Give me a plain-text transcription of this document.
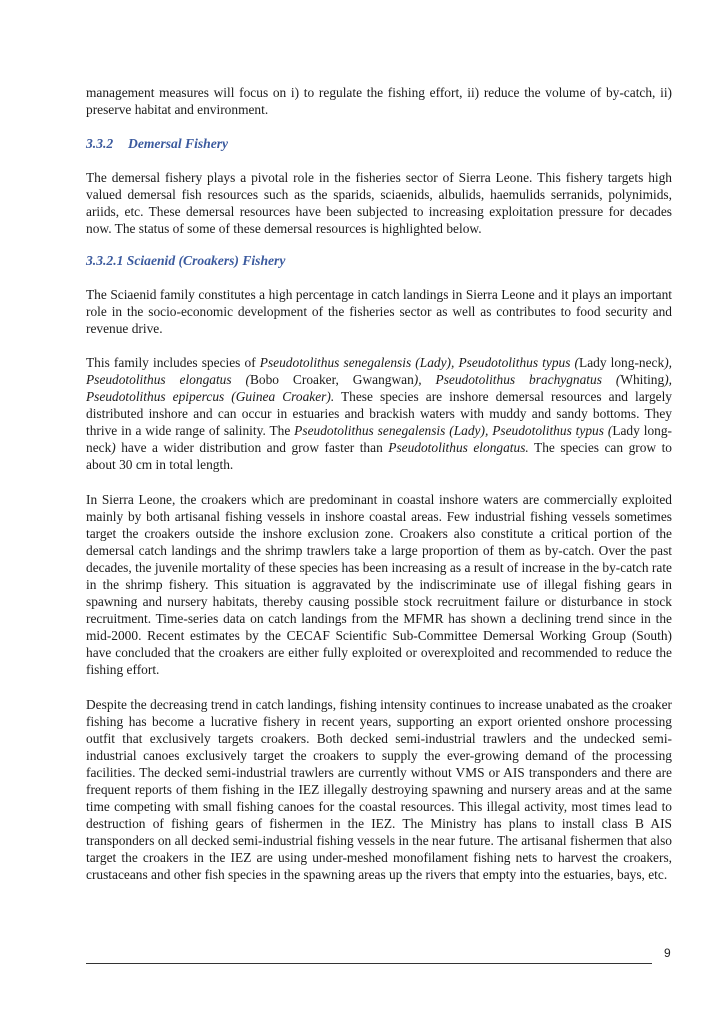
management measures will focus on i) to regulate the fishing effort, ii) reduce the volume of by-catch, ii) preserve habitat and environment.

3.3.2 Demersal Fishery

The demersal fishery plays a pivotal role in the fisheries sector of Sierra Leone. This fishery targets high valued demersal fish resources such as the sparids, sciaenids, albulids, haemulids serranids, polynimids, ariids, etc. These demersal resources have been subjected to increasing exploitation pressure for decades now. The status of some of these demersal resources is highlighted below.

3.3.2.1 Sciaenid (Croakers) Fishery

The Sciaenid family constitutes a high percentage in catch landings in Sierra Leone and it plays an important role in the socio-economic development of the fisheries sector as well as contributes to food security and revenue drive.

This family includes species of Pseudotolithus senegalensis (Lady), Pseudotolithus typus (Lady long-neck), Pseudotolithus elongatus (Bobo Croaker, Gwangwan), Pseudotolithus brachygnatus (Whiting), Pseudotolithus epipercus (Guinea Croaker). These species are inshore demersal resources and largely distributed inshore and can occur in estuaries and brackish waters with muddy and sandy bottoms. They thrive in a wide range of salinity. The Pseudotolithus senegalensis (Lady), Pseudotolithus typus (Lady long-neck) have a wider distribution and grow faster than Pseudotolithus elongatus. The species can grow to about 30 cm in total length.

In Sierra Leone, the croakers which are predominant in coastal inshore waters are commercially exploited mainly by both artisanal fishing vessels in inshore coastal areas. Few industrial fishing vessels sometimes target the croakers outside the inshore exclusion zone. Croakers also constitute a critical portion of the demersal catch landings and the shrimp trawlers take a large proportion of them as by-catch. Over the past decades, the juvenile mortality of these species has been increasing as a result of increase in the by-catch rate in the shrimp fishery. This situation is aggravated by the indiscriminate use of illegal fishing gears in spawning and nursery habitats, thereby causing possible stock recruitment failure or disturbance in stock recruitment. Time-series data on catch landings from the MFMR has shown a declining trend since in the mid-2000. Recent estimates by the CECAF Scientific Sub-Committee Demersal Working Group (South) have concluded that the croakers are either fully exploited or overexploited and recommended to reduce the fishing effort.

Despite the decreasing trend in catch landings, fishing intensity continues to increase unabated as the croaker fishing has become a lucrative fishery in recent years, supporting an export oriented onshore processing outfit that exclusively targets croakers. Both decked semi-industrial trawlers and the undecked semi-industrial canoes exclusively target the croakers to supply the ever-growing demand of the processing facilities. The decked semi-industrial trawlers are currently without VMS or AIS transponders and there are frequent reports of them fishing in the IEZ illegally destroying spawning and nursery areas and at the same time competing with small fishing canoes for the coastal resources. This illegal activity, most times lead to destruction of fishing gears of fishermen in the IEZ. The Ministry has plans to install class B AIS transponders on all decked semi-industrial fishing vessels in the near future. The artisanal fishermen that also target the croakers in the IEZ are using under-meshed monofilament fishing nets to harvest the croakers, crustaceans and other fish species in the spawning areas up the rivers that empty into the estuaries, bays, etc.

9
